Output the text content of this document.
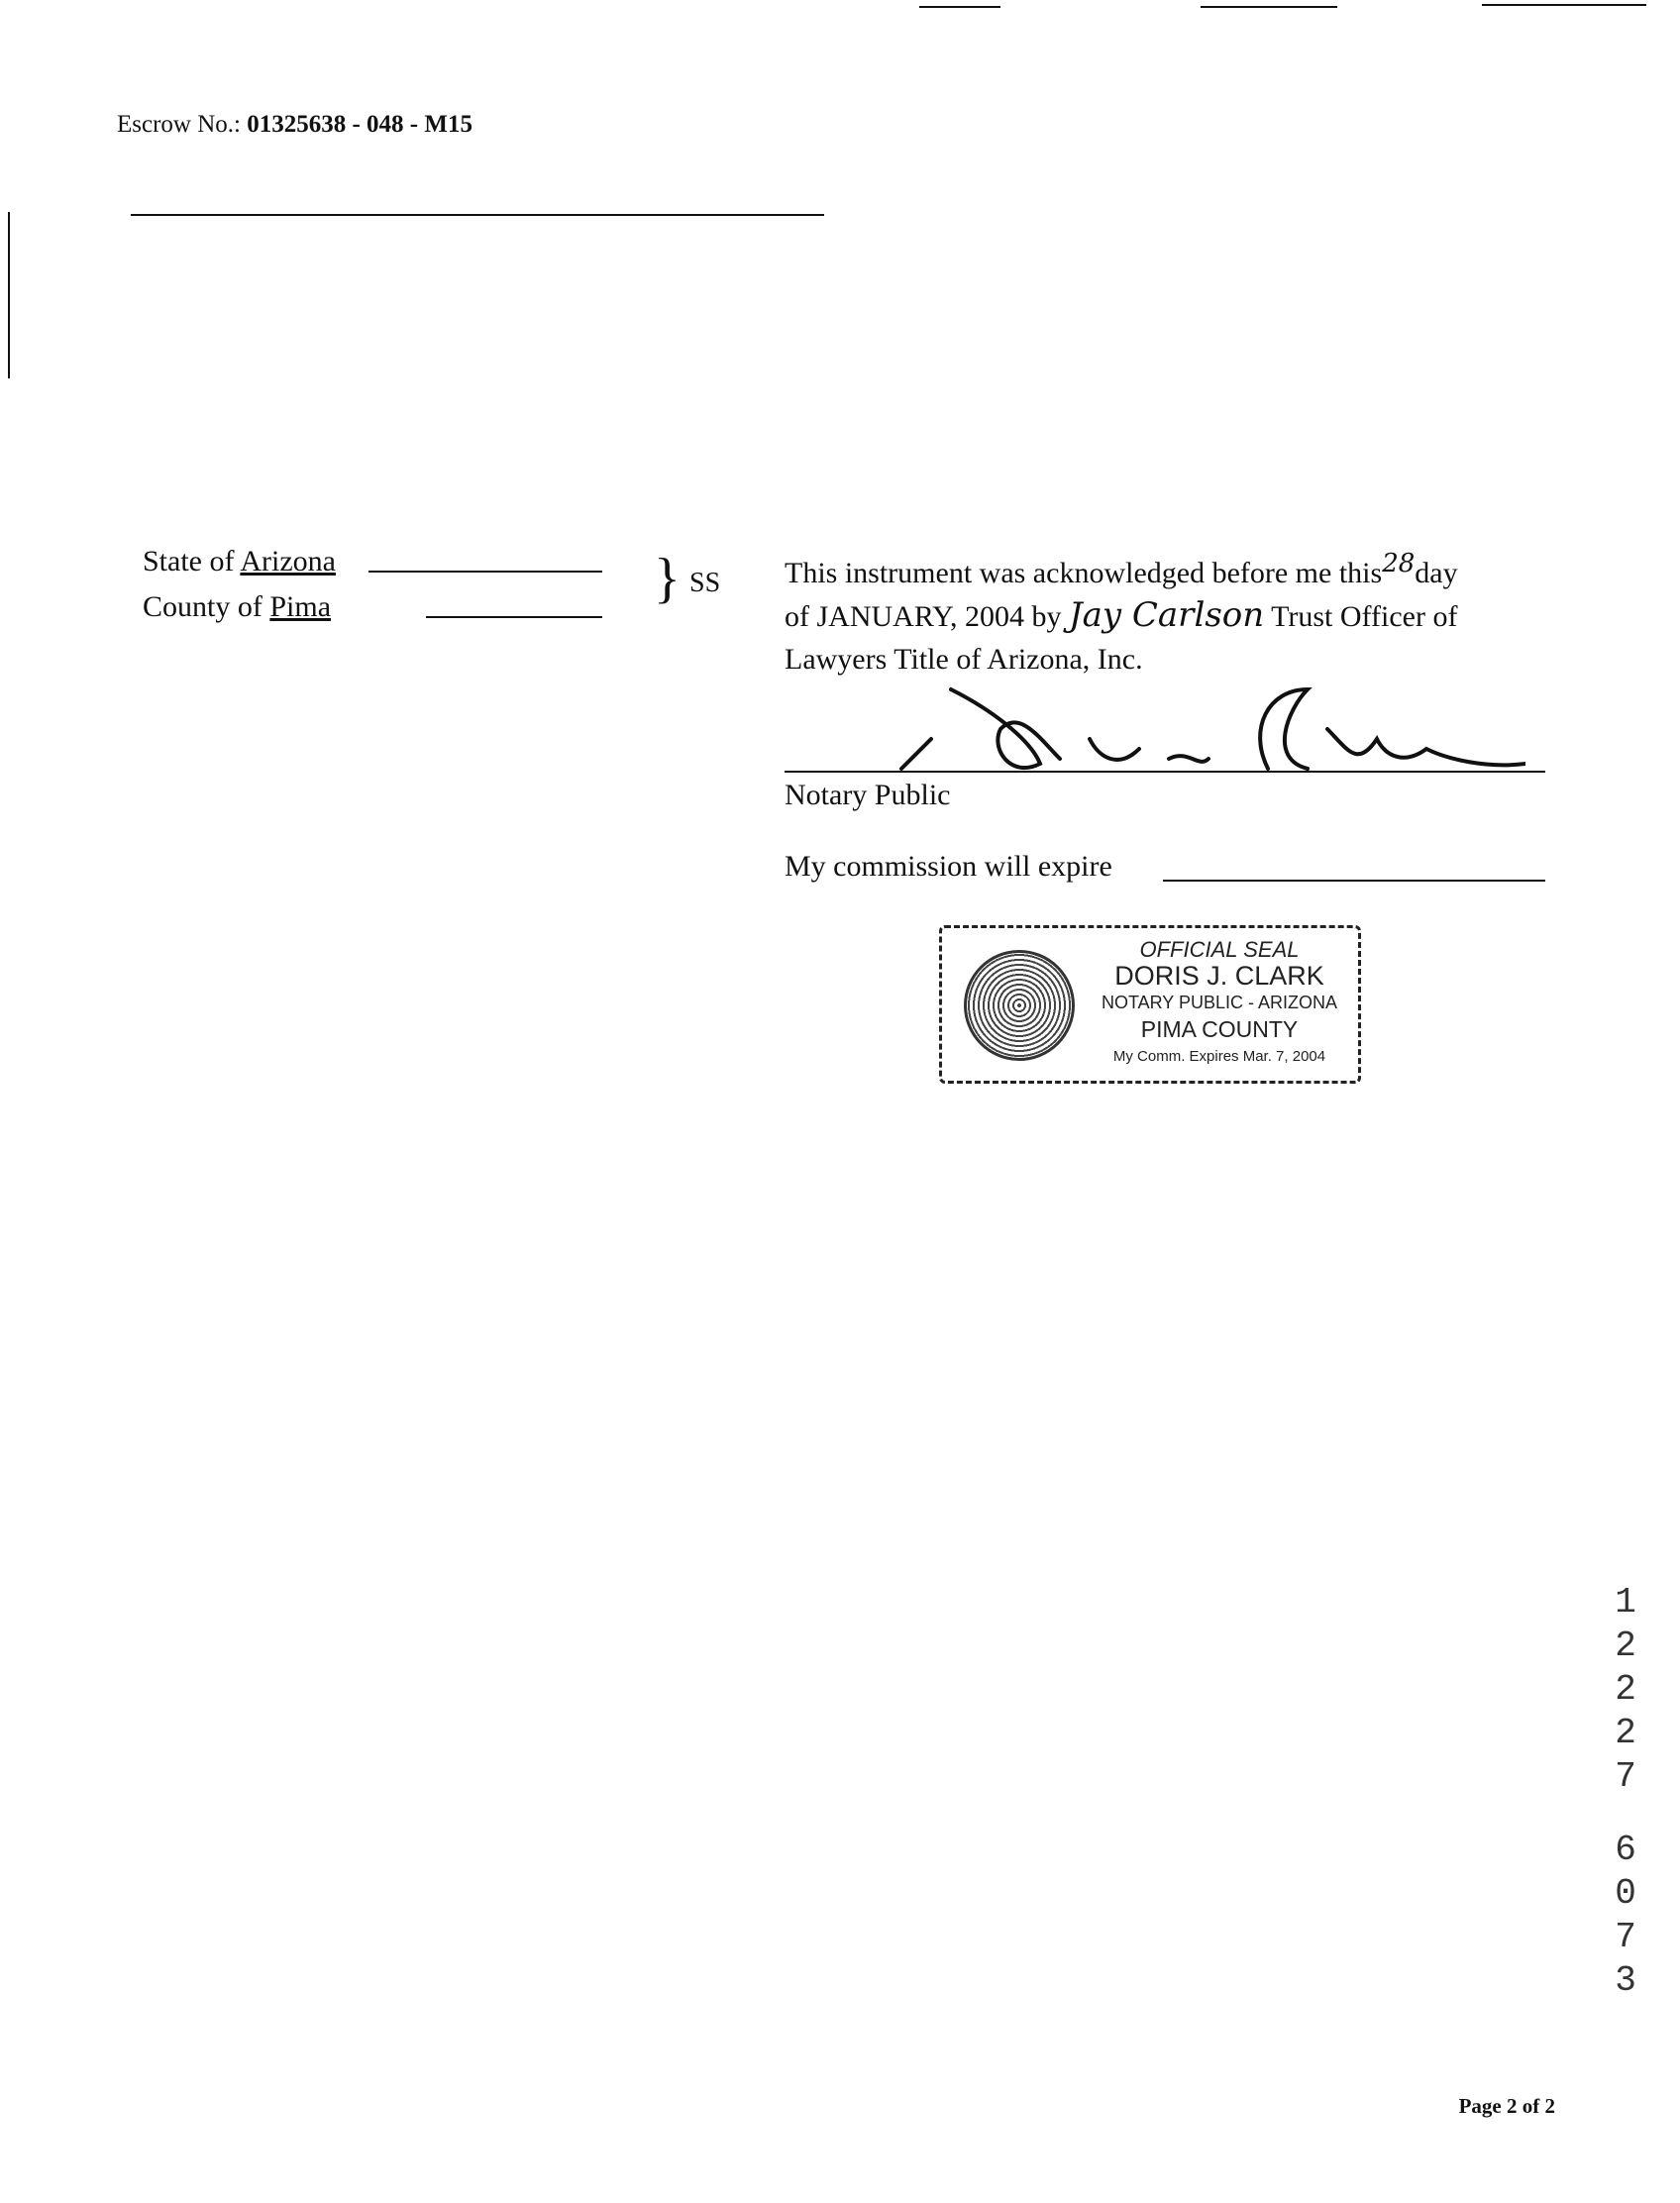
Escrow No.: 01325638 - 048 - M15
State of Arizona
County of Pima	} SS This instrument was acknowledged before me this$^{28}$day
of JANUARY, 2004 by Jay Carlson Trust Officer of
Lawyers Title of Arizona, Inc.
Notary Public
My commission will expire
OFFICIAL SEAL
DORIS J. CLARK
NOTARY PUBLIC - ARIZONA
PIMA COUNTY
My Comm. Expires Mar. 7, 2004
1
2
2
2
7
6
0
7
3
Page 2 of 2
